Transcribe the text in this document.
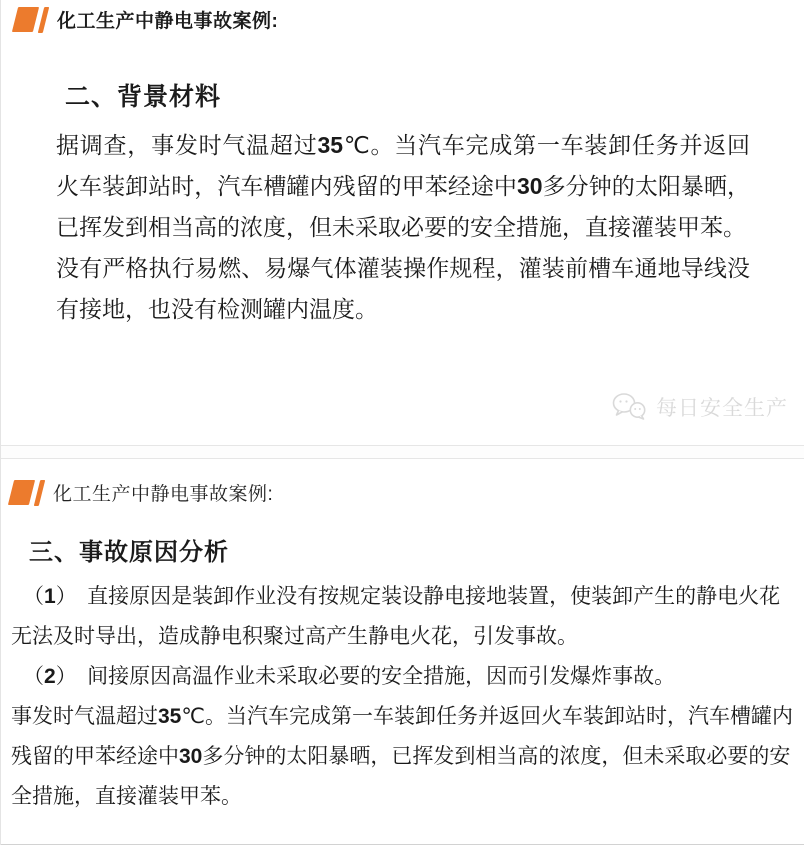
化工生产中静电事故案例:
二、背景材料

据调查，事发时气温超过35℃。当汽车完成第一车装卸任务并返回火车装卸站时，汽车槽罐内残留的甲苯经途中30多分钟的太阳暴晒，已挥发到相当高的浓度，但未采取必要的安全措施，直接灌装甲苯。

没有严格执行易燃、易爆气体灌装操作规程，灌装前槽车通地导线没有接地，也没有检测罐内温度。

每日安全生产
化工生产中静电事故案例:
三、事故原因分析

（1）　直接原因是装卸作业没有按规定装设静电接地装置，使装卸产生的静电火花无法及时导出，造成静电积聚过高产生静电火花，引发事故。

（2）　间接原因高温作业未采取必要的安全措施，因而引发爆炸事故。

事发时气温超过35℃。当汽车完成第一车装卸任务并返回火车装卸站时，汽车槽罐内残留的甲苯经途中30多分钟的太阳暴晒，已挥发到相当高的浓度，但未采取必要的安全措施，直接灌装甲苯。
